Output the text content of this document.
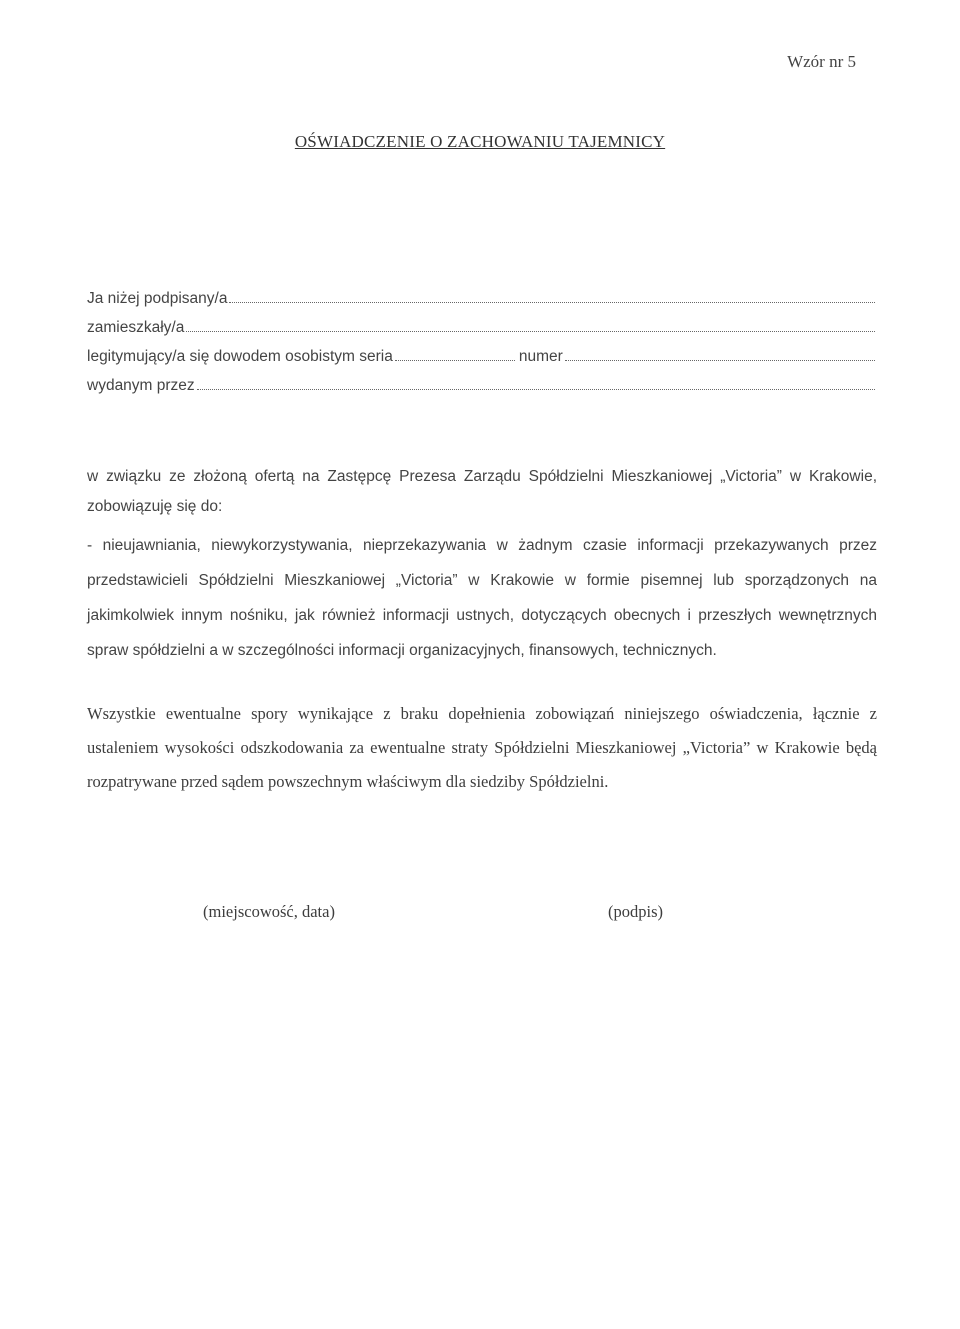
Wzór nr 5
OŚWIADCZENIE O ZACHOWANIU TAJEMNICY
Ja niżej podpisany/a
zamieszkały/a
legitymujący/a się dowodem osobistym seria	numer
wydanym przez
w związku ze złożoną ofertą na Zastępcę Prezesa Zarządu Spółdzielni Mieszkaniowej „Victoria” w Krakowie, zobowiązuję się do:
- nieujawniania, niewykorzystywania, nieprzekazywania w żadnym czasie informacji przekazywanych przez przedstawicieli Spółdzielni Mieszkaniowej „Victoria” w Krakowie w formie pisemnej lub sporządzonych na jakimkolwiek innym nośniku, jak również informacji ustnych, dotyczących obecnych i przeszłych wewnętrznych spraw spółdzielni a w szczególności informacji organizacyjnych, finansowych, technicznych.
Wszystkie ewentualne spory wynikające z braku dopełnienia zobowiązań niniejszego oświadczenia, łącznie z ustaleniem wysokości odszkodowania za ewentualne straty Spółdzielni Mieszkaniowej „Victoria” w Krakowie będą rozpatrywane przed sądem powszechnym właściwym dla siedziby Spółdzielni.
(miejscowość, data)	(podpis)
